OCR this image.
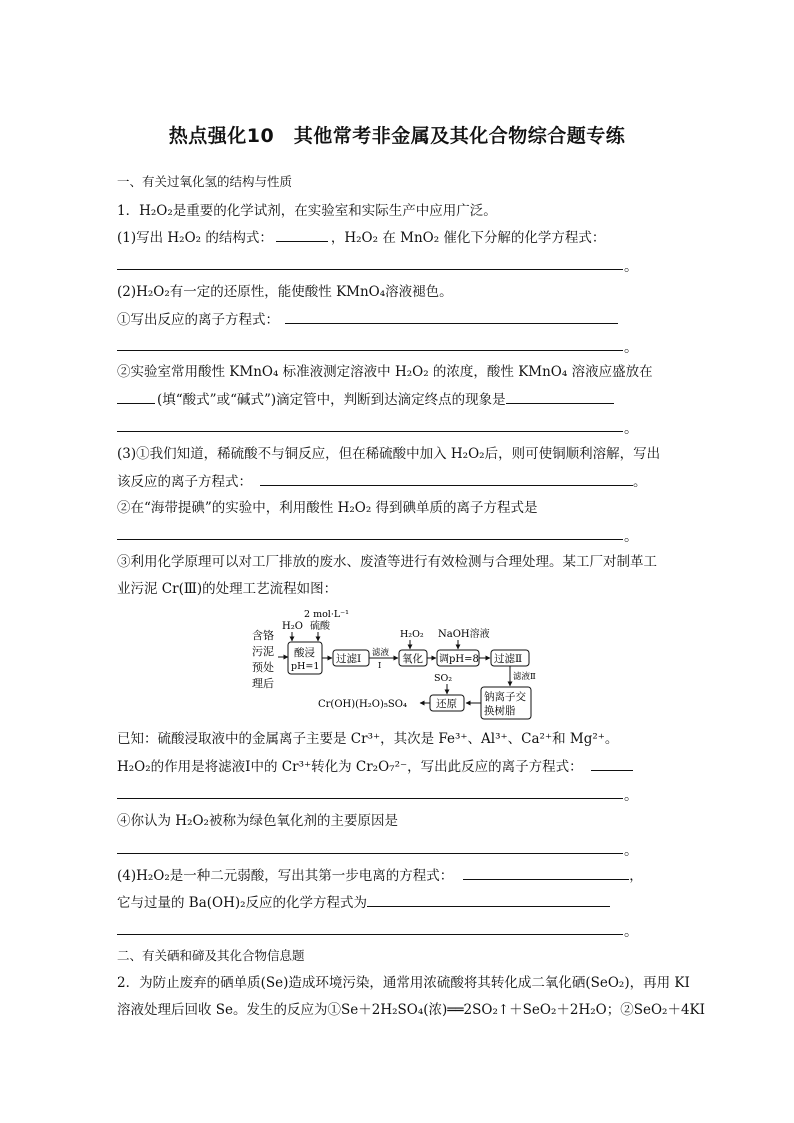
热点强化10　其他常考非金属及其化合物综合题专练
一、有关过氧化氢的结构与性质
1．H₂O₂是重要的化学试剂，在实验室和实际生产中应用广泛。
(1)写出 H₂O₂ 的结构式：	，H₂O₂ 在 MnO₂ 催化下分解的化学方程式：
。
(2)H₂O₂有一定的还原性，能使酸性 KMnO₄溶液褪色。
①写出反应的离子方程式：
。
②实验室常用酸性 KMnO₄ 标准液测定溶液中 H₂O₂ 的浓度，酸性 KMnO₄ 溶液应盛放在
(填“酸式”或“碱式”)滴定管中，判断到达滴定终点的现象是
。
(3)①我们知道，稀硫酸不与铜反应，但在稀硫酸中加入 H₂O₂后，则可使铜顺利溶解，写出
该反应的离子方程式：	。
②在“海带提碘”的实验中，利用酸性 H₂O₂ 得到碘单质的离子方程式是
。
③利用化学原理可以对工厂排放的废水、废渣等进行有效检测与合理处理。某工厂对制革工
业污泥 Cr(Ⅲ)的处理工艺流程如图：
含铬
污泥
预处
理后
H₂O
2 mol·L⁻¹
硫酸
酸浸
pH=1
过滤Ⅰ 滤液
Ⅰ
H₂O₂
氧化
NaOH溶液
调pH=8 过滤Ⅱ
滤液Ⅱ
钠离子交
换树脂
SO₂
还原
Cr(OH)(H₂O)₅SO₄
已知：硫酸浸取液中的金属离子主要是 Cr³⁺，其次是 Fe³⁺、Al³⁺、Ca²⁺和 Mg²⁺。
H₂O₂的作用是将滤液Ⅰ中的 Cr³⁺转化为 Cr₂O₇²⁻，写出此反应的离子方程式：
。
④你认为 H₂O₂被称为绿色氧化剂的主要原因是
。
(4)H₂O₂是一种二元弱酸，写出其第一步电离的方程式：	，
它与过量的 Ba(OH)₂反应的化学方程式为
。
二、有关硒和碲及其化合物信息题
2．为防止废弃的硒单质(Se)造成环境污染，通常用浓硫酸将其转化成二氧化硒(SeO₂)，再用 KI
溶液处理后回收 Se。发生的反应为①Se＋2H₂SO₄(浓)══2SO₂↑＋SeO₂＋2H₂O；②SeO₂＋4KI
